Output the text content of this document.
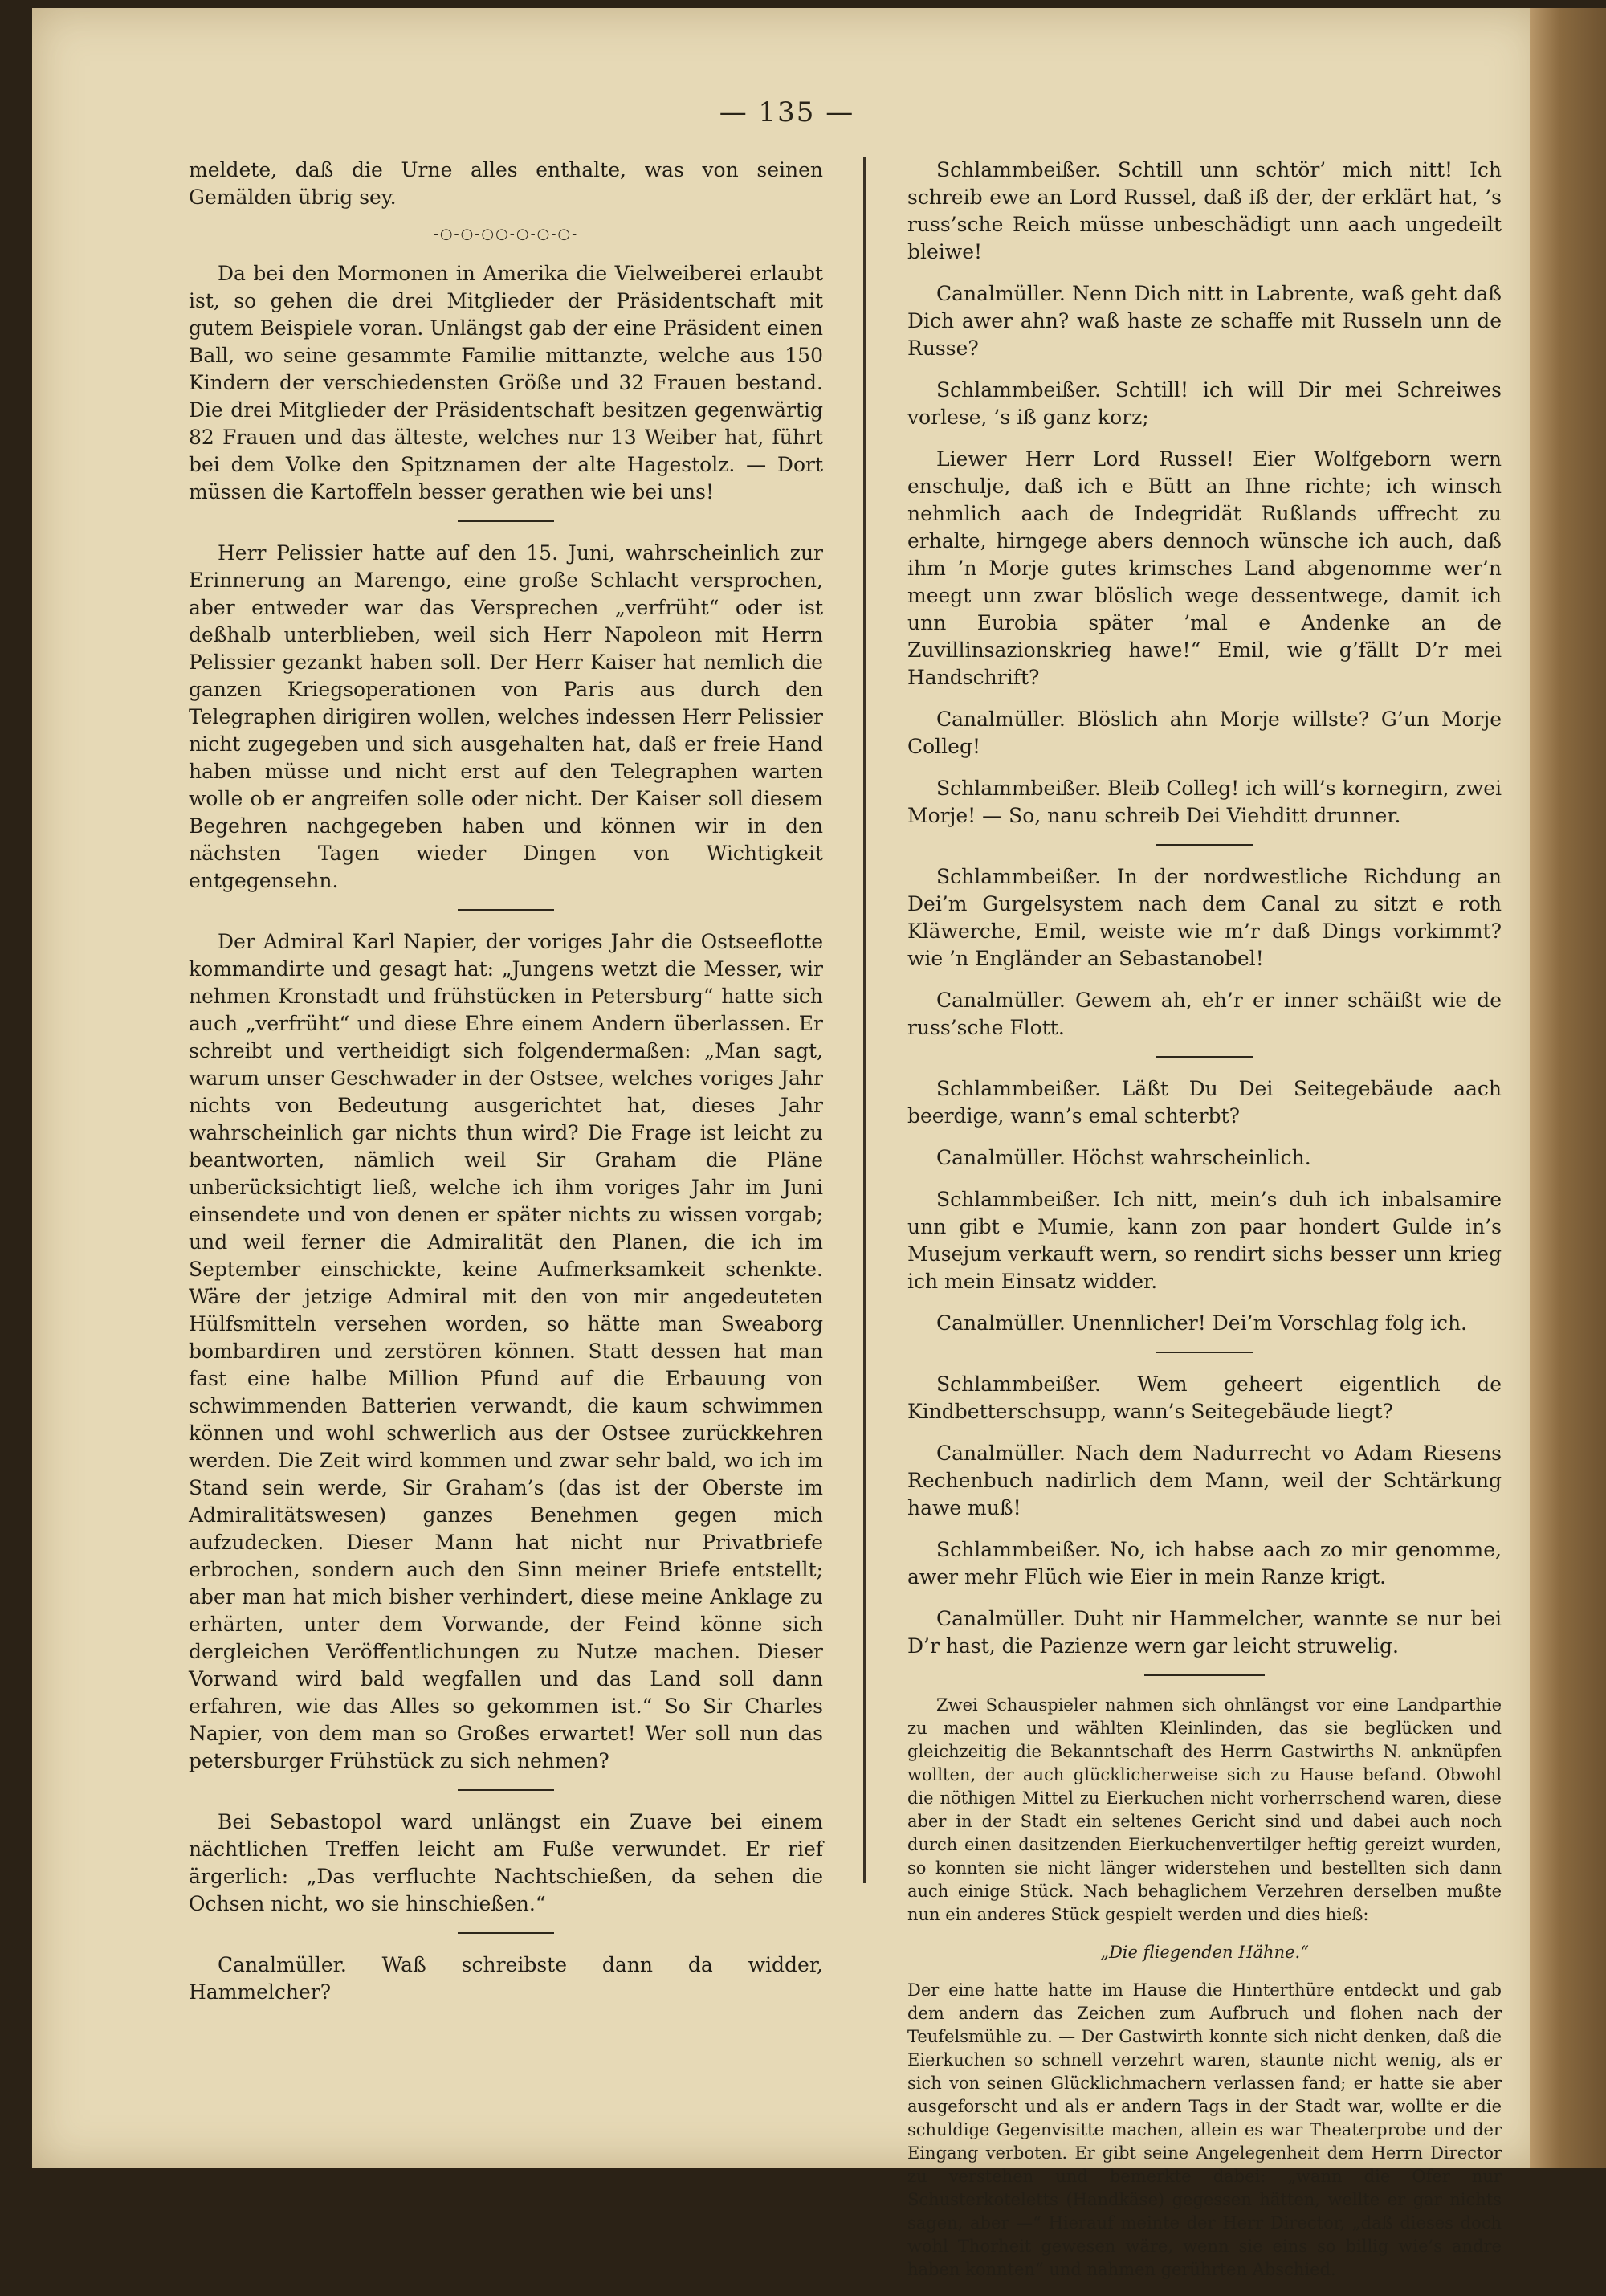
— 135 —

meldete, daß die Urne alles enthalte, was von seinen Gemälden übrig sey.

-○-○-○○-○-○-○-

Da bei den Mormonen in Amerika die Vielweiberei erlaubt ist, so gehen die drei Mitglieder der Präsidentschaft mit gutem Beispiele voran. Unlängst gab der eine Präsident einen Ball, wo seine gesammte Familie mittanzte, welche aus 150 Kindern der verschiedensten Größe und 32 Frauen bestand. Die drei Mitglieder der Präsidentschaft besitzen gegenwärtig 82 Frauen und das älteste, welches nur 13 Weiber hat, führt bei dem Volke den Spitznamen der alte Hagestolz. — Dort müssen die Kartoffeln besser gerathen wie bei uns!

Herr Pelissier hatte auf den 15. Juni, wahrscheinlich zur Erinnerung an Marengo, eine große Schlacht versprochen, aber entweder war das Versprechen „verfrüht“ oder ist deßhalb unterblieben, weil sich Herr Napoleon mit Herrn Pelissier gezankt haben soll. Der Herr Kaiser hat nemlich die ganzen Kriegsoperationen von Paris aus durch den Telegraphen dirigiren wollen, welches indessen Herr Pelissier nicht zugegeben und sich ausgehalten hat, daß er freie Hand haben müsse und nicht erst auf den Telegraphen warten wolle ob er angreifen solle oder nicht. Der Kaiser soll diesem Begehren nachgegeben haben und können wir in den nächsten Tagen wieder Dingen von Wichtigkeit entgegensehn.

Der Admiral Karl Napier, der voriges Jahr die Ostseeflotte kommandirte und gesagt hat: „Jungens wetzt die Messer, wir nehmen Kronstadt und frühstücken in Petersburg“ hatte sich auch „verfrüht“ und diese Ehre einem Andern überlassen. Er schreibt und vertheidigt sich folgendermaßen: „Man sagt, warum unser Geschwader in der Ostsee, welches voriges Jahr nichts von Bedeutung ausgerichtet hat, dieses Jahr wahrscheinlich gar nichts thun wird? Die Frage ist leicht zu beantworten, nämlich weil Sir Graham die Pläne unberücksichtigt ließ, welche ich ihm voriges Jahr im Juni einsendete und von denen er später nichts zu wissen vorgab; und weil ferner die Admiralität den Planen, die ich im September einschickte, keine Aufmerksamkeit schenkte. Wäre der jetzige Admiral mit den von mir angedeuteten Hülfsmitteln versehen worden, so hätte man Sweaborg bombardiren und zerstören können. Statt dessen hat man fast eine halbe Million Pfund auf die Erbauung von schwimmenden Batterien verwandt, die kaum schwimmen können und wohl schwerlich aus der Ostsee zurückkehren werden. Die Zeit wird kommen und zwar sehr bald, wo ich im Stand sein werde, Sir Graham’s (das ist der Oberste im Admiralitätswesen) ganzes Benehmen gegen mich aufzudecken. Dieser Mann hat nicht nur Privatbriefe erbrochen, sondern auch den Sinn meiner Briefe entstellt; aber man hat mich bisher verhindert, diese meine Anklage zu erhärten, unter dem Vorwande, der Feind könne sich dergleichen Veröffentlichungen zu Nutze machen. Dieser Vorwand wird bald wegfallen und das Land soll dann erfahren, wie das Alles so gekommen ist.“ So Sir Charles Napier, von dem man so Großes erwartet! Wer soll nun das petersburger Frühstück zu sich nehmen?

Bei Sebastopol ward unlängst ein Zuave bei einem nächtlichen Treffen leicht am Fuße verwundet. Er rief ärgerlich: „Das verfluchte Nachtschießen, da sehen die Ochsen nicht, wo sie hinschießen.“

Canalmüller. Waß schreibste dann da widder, Hammelcher?

Schlammbeißer. Schtill unn schtör’ mich nitt! Ich schreib ewe an Lord Russel, daß iß der, der erklärt hat, ’s russ’sche Reich müsse unbeschädigt unn aach ungedeilt bleiwe!

Canalmüller. Nenn Dich nitt in Labrente, waß geht daß Dich awer ahn? waß haste ze schaffe mit Russeln unn de Russe?

Schlammbeißer. Schtill! ich will Dir mei Schreiwes vorlese, ’s iß ganz korz;

Liewer Herr Lord Russel! Eier Wolfgeborn wern enschulje, daß ich e Bütt an Ihne richte; ich winsch nehmlich aach de Indegridät Rußlands uffrecht zu erhalte, hirngege abers dennoch wünsche ich auch, daß ihm ’n Morje gutes krimsches Land abgenomme wer’n meegt unn zwar blöslich wege dessentwege, damit ich unn Eurobia später ’mal e Andenke an de Zuvillinsazionskrieg hawe!“ Emil, wie g’fällt D’r mei Handschrift?

Canalmüller. Blöslich ahn Morje willste? G’un Morje Colleg!

Schlammbeißer. Bleib Colleg! ich will’s kornegirn, zwei Morje! — So, nanu schreib Dei Viehditt drunner.

Schlammbeißer. In der nordwestliche Richdung an Dei’m Gurgelsystem nach dem Canal zu sitzt e roth Kläwerche, Emil, weiste wie m’r daß Dings vorkimmt? wie ’n Engländer an Sebastanobel!

Canalmüller. Gewem ah, eh’r er inner schäißt wie de russ’sche Flott.

Schlammbeißer. Läßt Du Dei Seitegebäude aach beerdige, wann’s emal schterbt?

Canalmüller. Höchst wahrscheinlich.

Schlammbeißer. Ich nitt, mein’s duh ich inbalsamire unn gibt e Mumie, kann zon paar hondert Gulde in’s Musejum verkauft wern, so rendirt sichs besser unn krieg ich mein Einsatz widder.

Canalmüller. Unennlicher! Dei’m Vorschlag folg ich.

Schlammbeißer. Wem geheert eigentlich de Kindbetterschsupp, wann’s Seitegebäude liegt?

Canalmüller. Nach dem Nadurrecht vo Adam Riesens Rechenbuch nadirlich dem Mann, weil der Schtärkung hawe muß!

Schlammbeißer. No, ich habse aach zo mir genomme, awer mehr Flüch wie Eier in mein Ranze krigt.

Canalmüller. Duht nir Hammelcher, wannte se nur bei D’r hast, die Pazienze wern gar leicht struwelig.

Zwei Schauspieler nahmen sich ohnlängst vor eine Landparthie zu machen und wählten Kleinlinden, das sie beglücken und gleichzeitig die Bekanntschaft des Herrn Gastwirths N. anknüpfen wollten, der auch glücklicherweise sich zu Hause befand. Obwohl die nöthigen Mittel zu Eierkuchen nicht vorherrschend waren, diese aber in der Stadt ein seltenes Gericht sind und dabei auch noch durch einen dasitzenden Eierkuchenvertilger heftig gereizt wurden, so konnten sie nicht länger widerstehen und bestellten sich dann auch einige Stück. Nach behaglichem Verzehren derselben mußte nun ein anderes Stück gespielt werden und dies hieß:

„Die fliegenden Hähne.“

Der eine hatte hatte im Hause die Hinterthüre entdeckt und gab dem andern das Zeichen zum Aufbruch und flohen nach der Teufelsmühle zu. — Der Gastwirth konnte sich nicht denken, daß die Eierkuchen so schnell verzehrt waren, staunte nicht wenig, als er sich von seinen Glücklichmachern verlassen fand; er hatte sie aber ausgeforscht und als er andern Tags in der Stadt war, wollte er die schuldige Gegenvisitte machen, allein es war Theaterprobe und der Eingang verboten. Er gibt seine Angelegenheit dem Herrn Director zu verstehen und bemerkte dabei: „wann die Ofer nur Schusterkoteletts (Handkäse) gegessen hätten, wellte er gar nichts sagen, aber —“ Hierauf meinte der Herr Director, „daß dieses doch wohl Thorheit gewesen wäre, wenn sie eins so billig wie’s andre haben konnten“ und nahmen gerührten Abschied.
